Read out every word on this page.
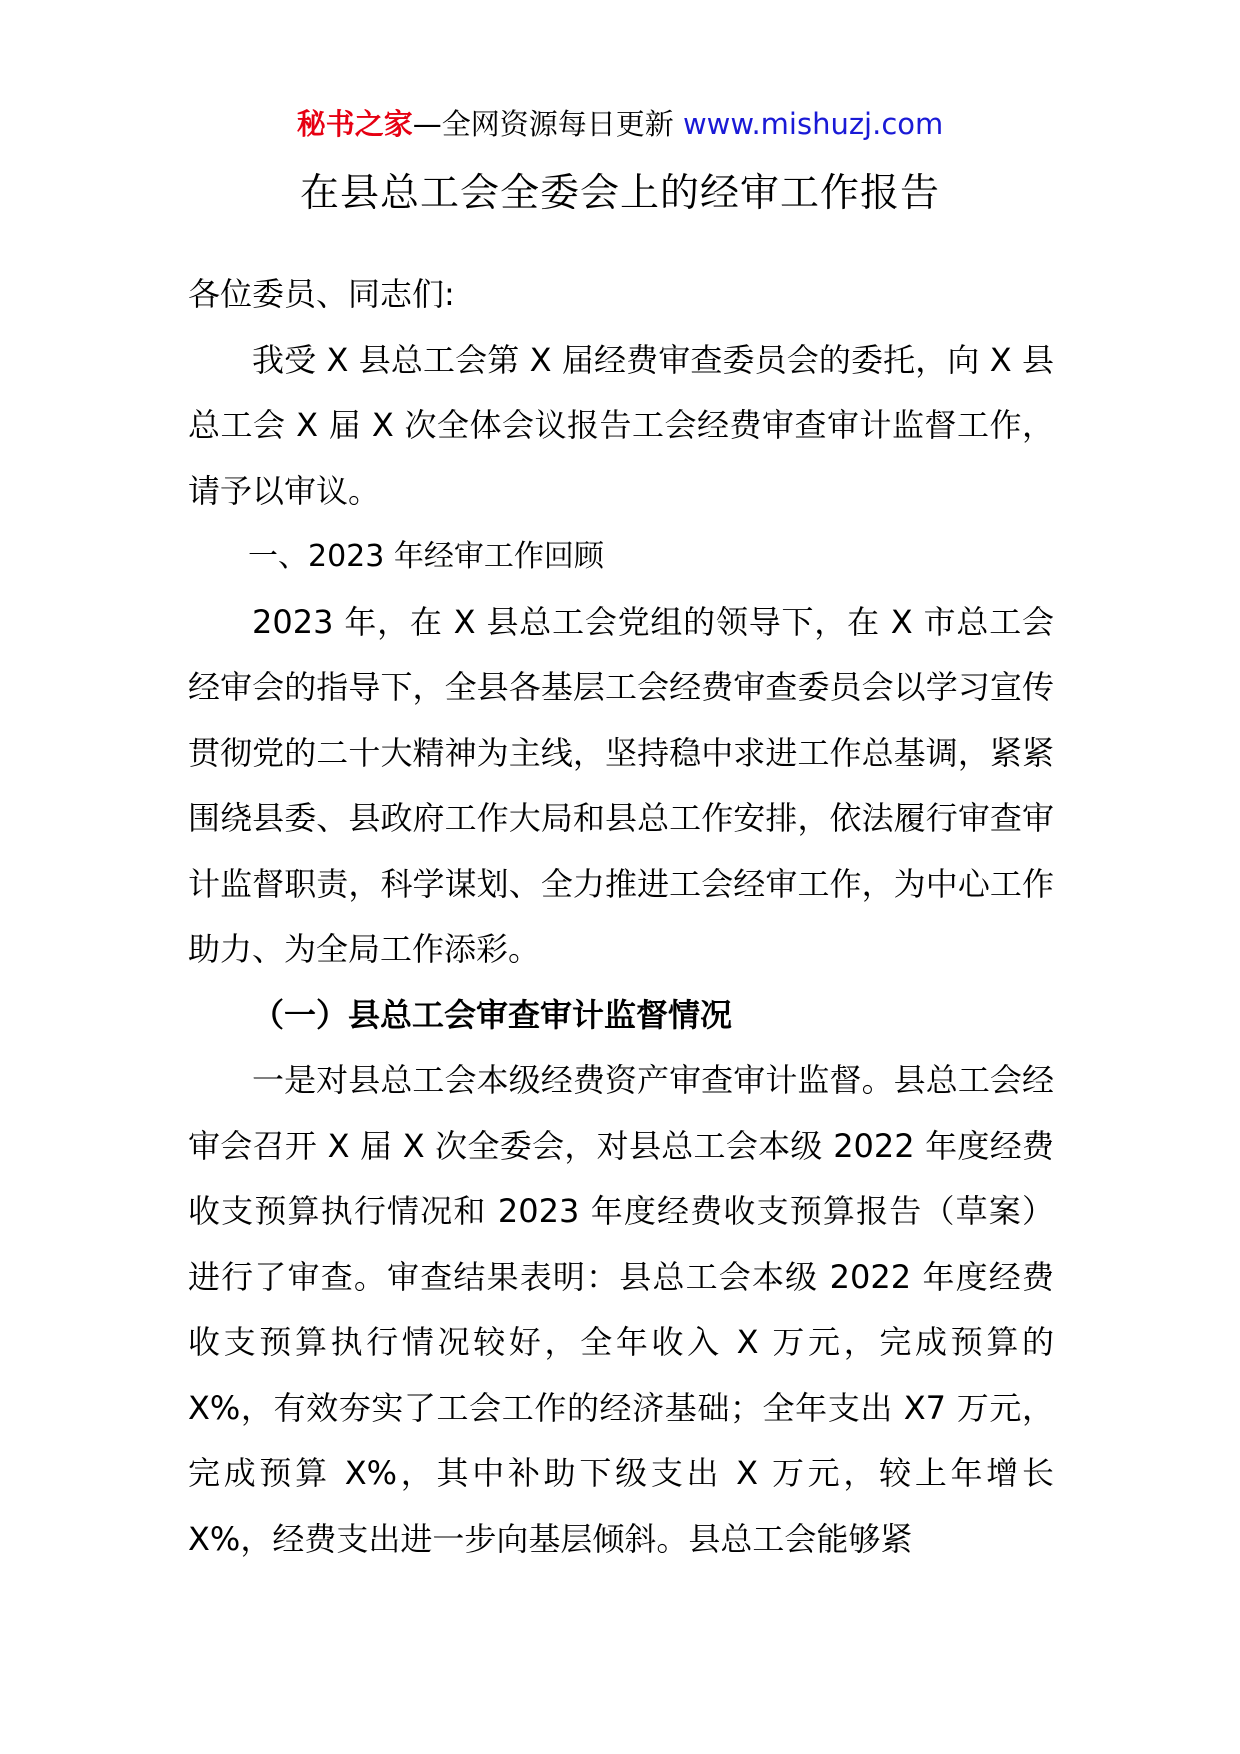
秘书之家—全网资源每日更新 www.mishuzj.com
在县总工会全委会上的经审工作报告

各位委员、同志们:

我受 X 县总工会第 X 届经费审查委员会的委托，向 X 县总工会 X 届 X 次全体会议报告工会经费审查审计监督工作，请予以审议。

一、2023 年经审工作回顾

2023 年，在 X 县总工会党组的领导下，在 X 市总工会经审会的指导下，全县各基层工会经费审查委员会以学习宣传贯彻党的二十大精神为主线，坚持稳中求进工作总基调，紧紧围绕县委、县政府工作大局和县总工作安排，依法履行审查审计监督职责，科学谋划、全力推进工会经审工作，为中心工作助力、为全局工作添彩。

（一）县总工会审查审计监督情况

一是对县总工会本级经费资产审查审计监督。县总工会经审会召开 X 届 X 次全委会，对县总工会本级 2022 年度经费收支预算执行情况和 2023 年度经费收支预算报告（草案）进行了审查。审查结果表明：县总工会本级 2022 年度经费收支预算执行情况较好，全年收入 X 万元，完成预算的 X%，有效夯实了工会工作的经济基础；全年支出 X7 万元，完成预算 X%，其中补助下级支出 X 万元，较上年增长 X%，经费支出进一步向基层倾斜。县总工会能够紧
